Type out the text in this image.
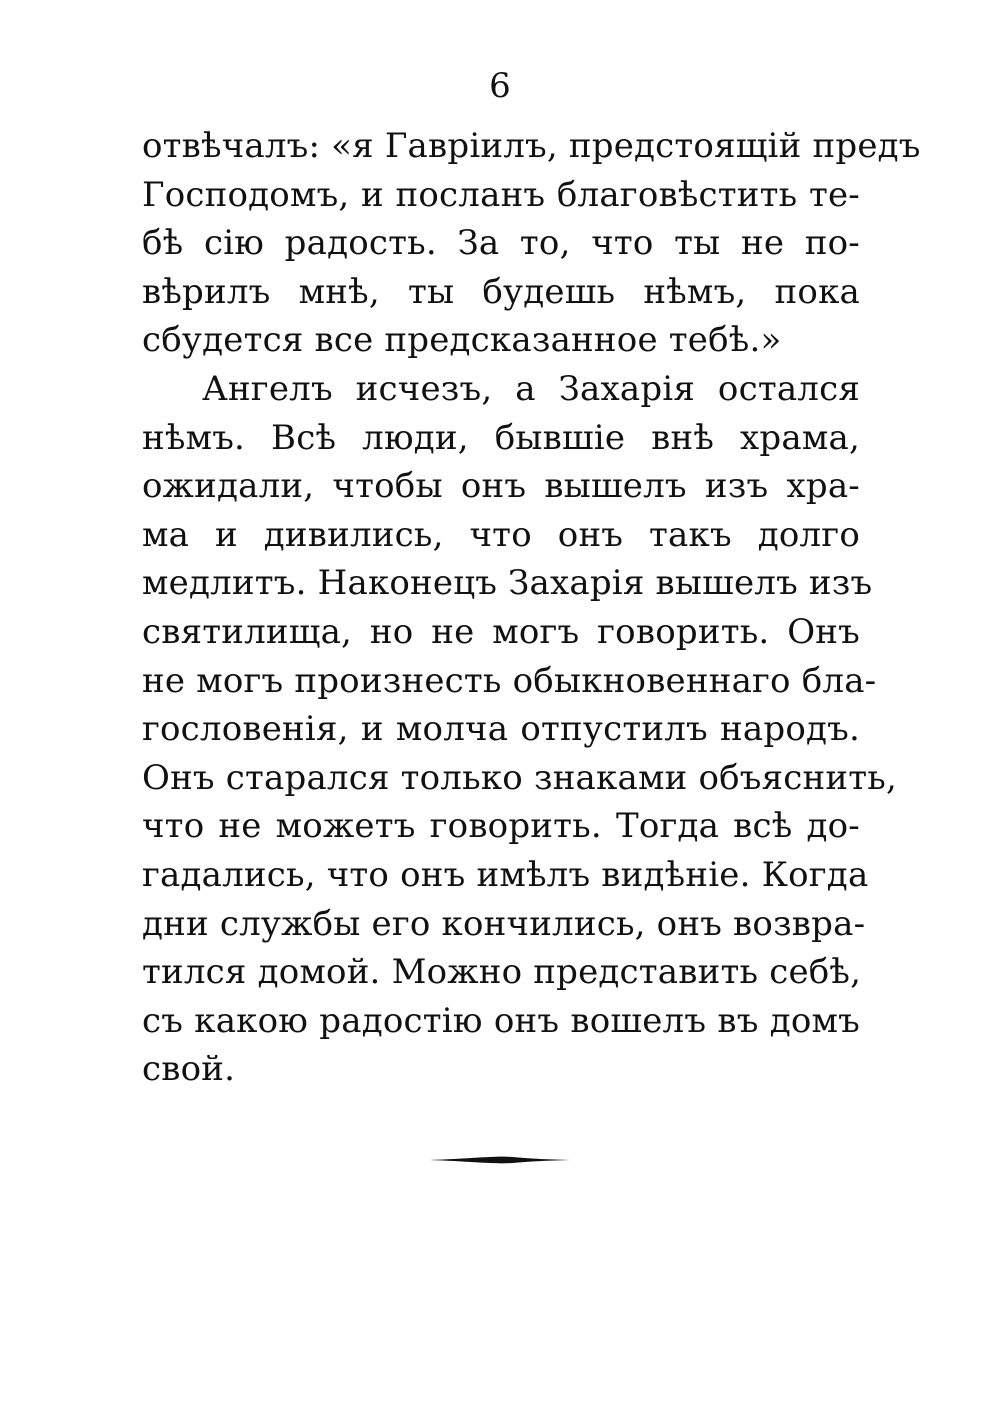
6
отвѣчалъ: «я Гавріилъ, предстоящій предъ
Господомъ, и посланъ благовѣстить те-
бѣ сію радость. За то, что ты не по-
вѣрилъ мнѣ, ты будешь нѣмъ, пока
сбудется все предсказанное тебѣ.»
Ангелъ исчезъ, а Захарія остался
нѣмъ. Всѣ люди, бывшіе внѣ храма,
ожидали, чтобы онъ вышелъ изъ хра-
ма и дивились, что онъ такъ долго
медлитъ. Наконецъ Захарія вышелъ изъ
святилища, но не могъ говорить. Онъ
не могъ произнесть обыкновеннаго бла-
гословенія, и молча отпустилъ народъ.
Онъ старался только знаками объяснить,
что не можетъ говорить. Тогда всѣ до-
гадались, что онъ имѣлъ видѣніе. Когда
дни службы его кончились, онъ возвра-
тился домой. Можно представить себѣ,
съ какою радостію онъ вошелъ въ домъ
свой.
